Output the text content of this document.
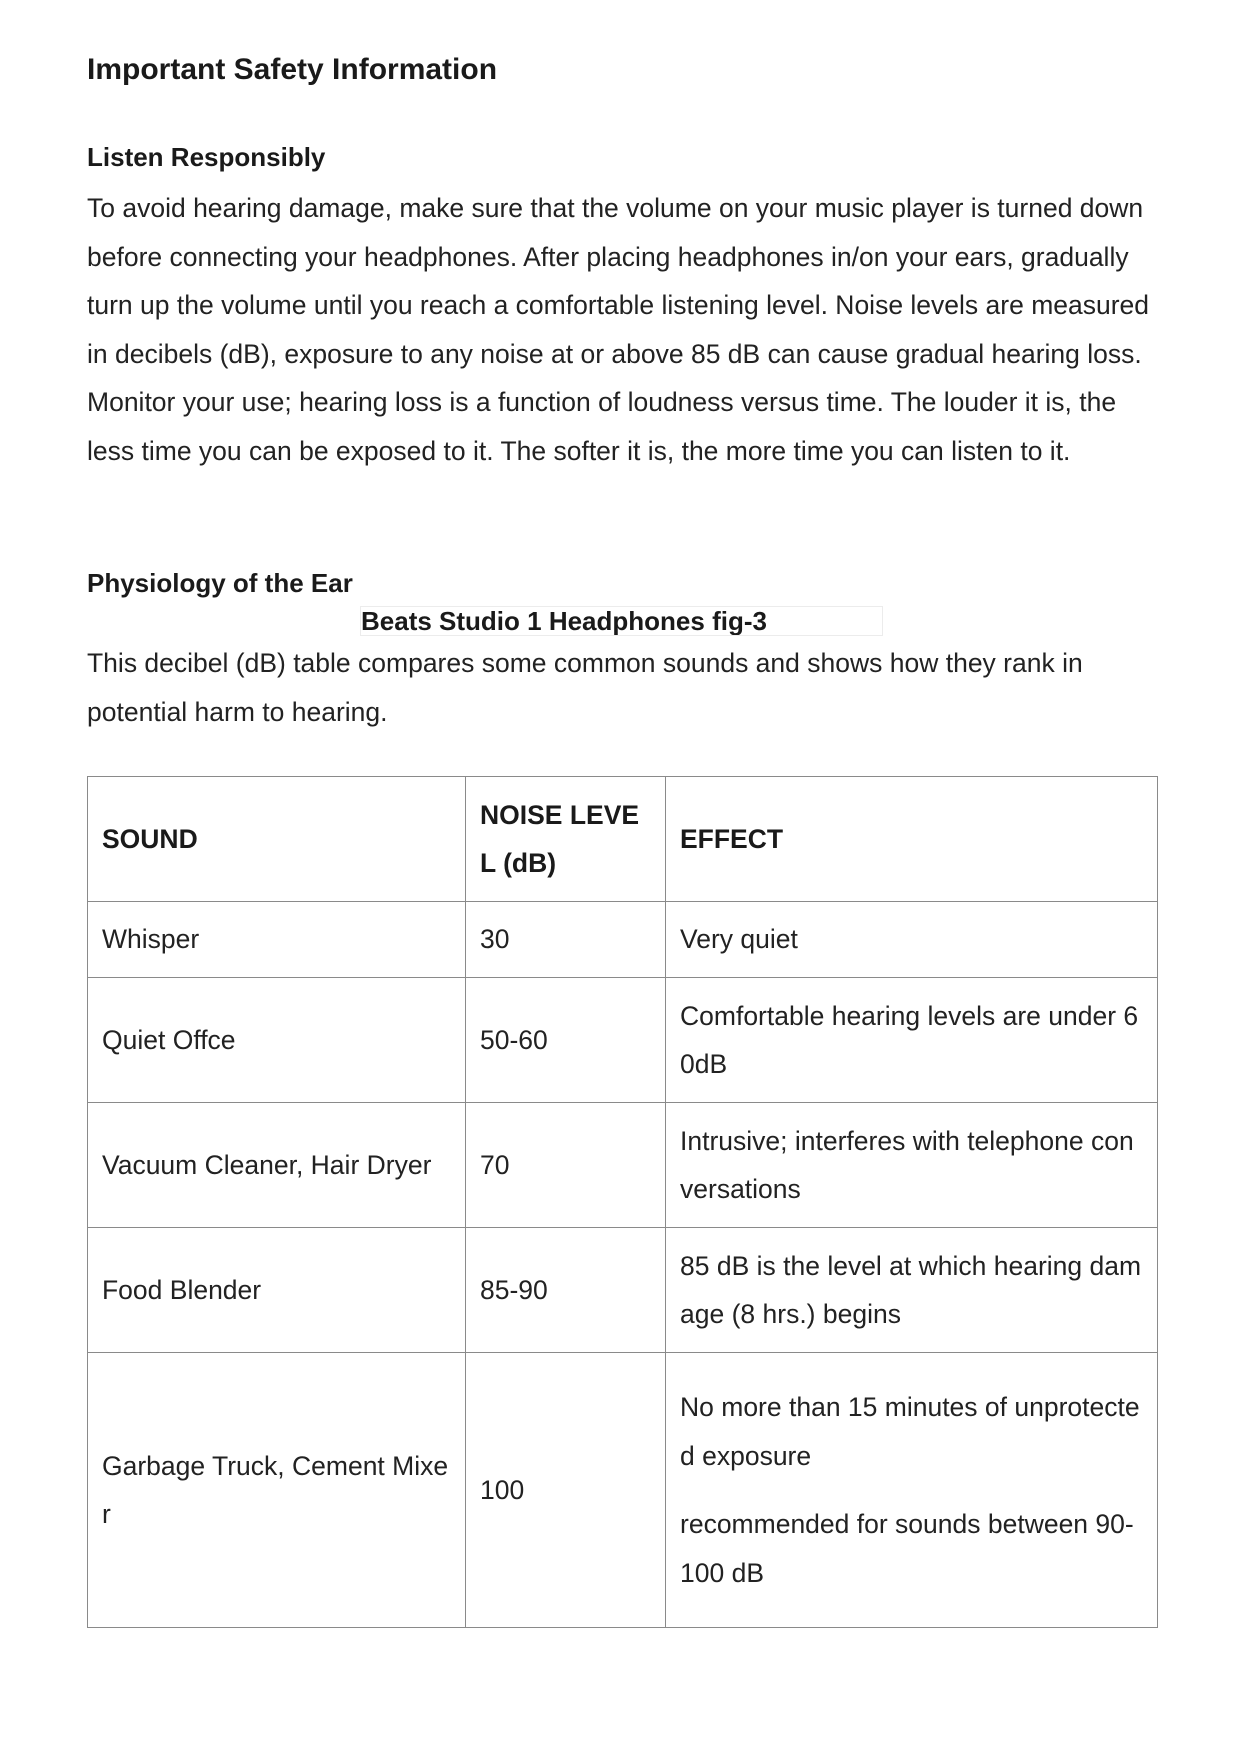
Important Safety Information
Listen Responsibly

To avoid hearing damage, make sure that the volume on your music player is turned down before connecting your headphones. After placing headphones in/on your ears, gradually turn up the volume until you reach a comfortable listening level. Noise levels are measured in decibels (dB), exposure to any noise at or above 85 dB can cause gradual hearing loss. Monitor your use; hearing loss is a function of loudness versus time. The louder it is, the less time you can be exposed to it. The softer it is, the more time you can listen to it.

Physiology of the Ear
Beats Studio 1 Headphones fig-3

This decibel (dB) table compares some common sounds and shows how they rank in potential harm to hearing.

SOUND	NOISE LEVEL (dB)	EFFECT
Whisper	30	Very quiet
Quiet Offce	50-60	Comfortable hearing levels are under 60dB
Vacuum Cleaner, Hair Dryer	70	Intrusive; interferes with telephone conversations
Food Blender	85-90	85 dB is the level at which hearing damage (8 hrs.) begins
Garbage Truck, Cement Mixer	100	No more than 15 minutes of unprotected exposure
recommended for sounds between 90-100 dB
